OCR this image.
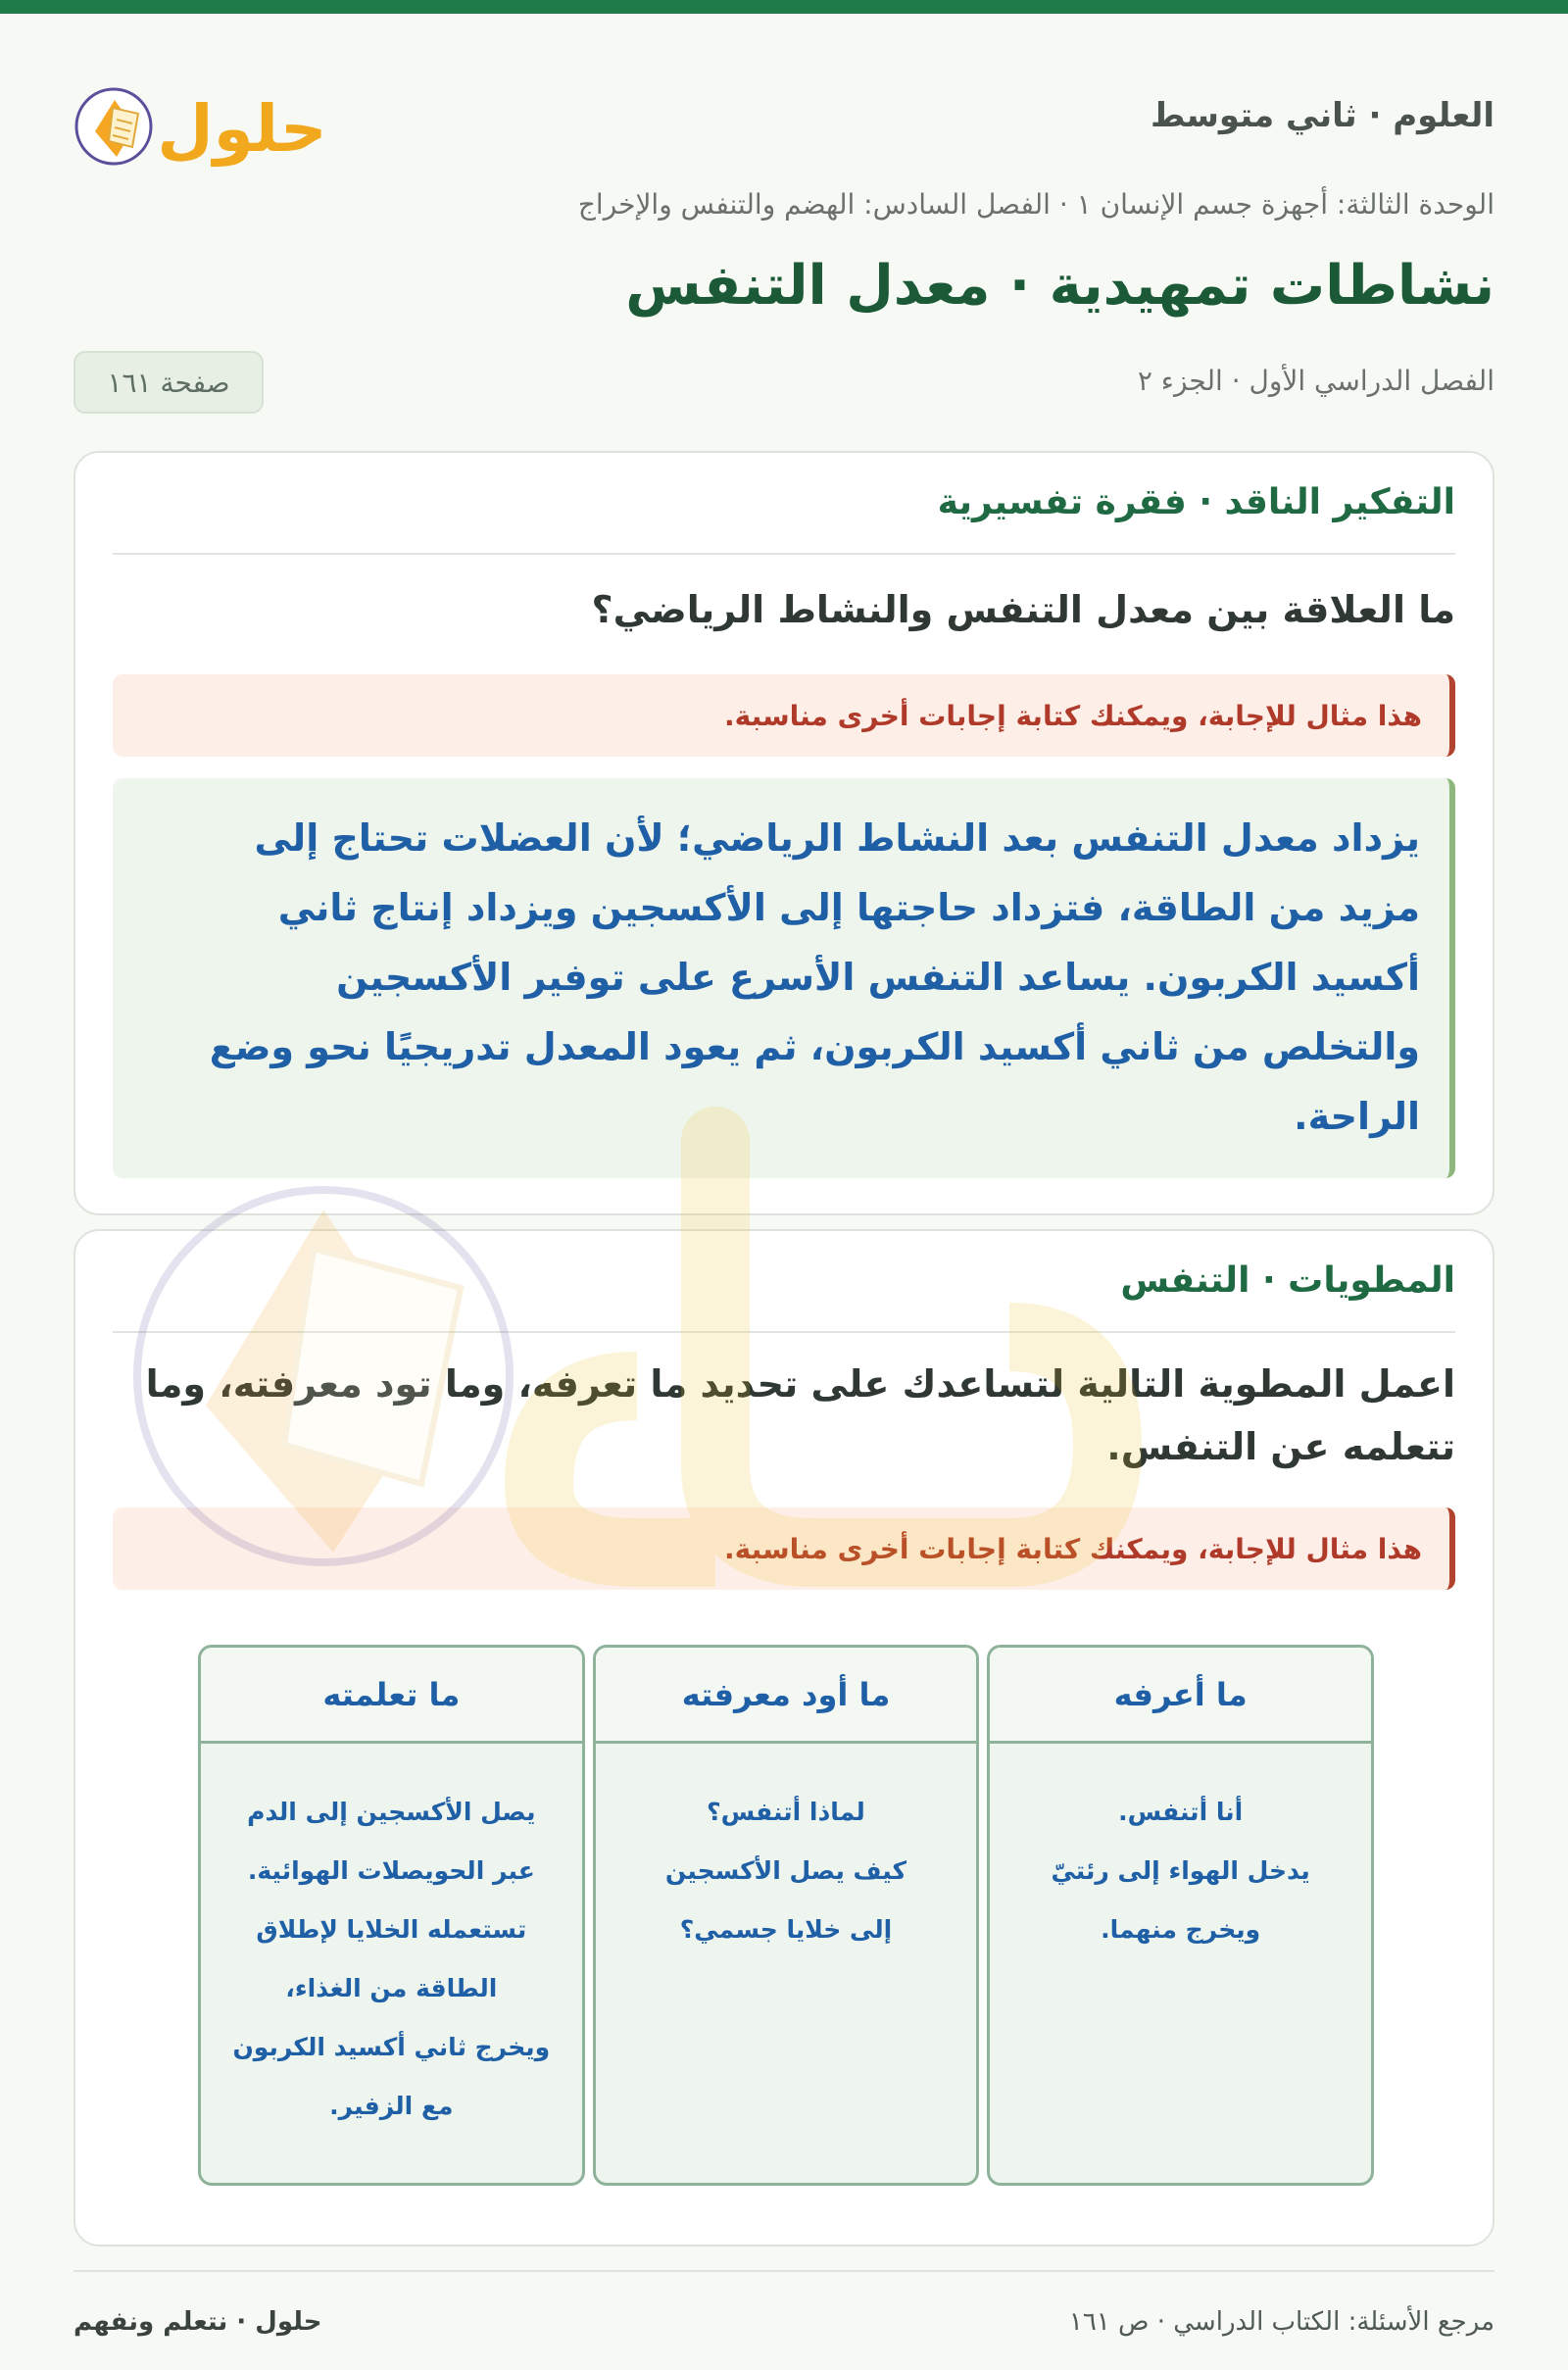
العلوم ⋅ ثاني متوسط
حلول
الوحدة الثالثة: أجهزة جسم الإنسان ١ ⋅ الفصل السادس: الهضم والتنفس والإخراج
نشاطات تمهيدية ⋅ معدل التنفس
الفصل الدراسي الأول ⋅ الجزء ٢
صفحة ١٦١
التفكير الناقد ⋅ فقرة تفسيرية
ما العلاقة بين معدل التنفس والنشاط الرياضي؟
هذا مثال للإجابة، ويمكنك كتابة إجابات أخرى مناسبة.
يزداد معدل التنفس بعد النشاط الرياضي؛ لأن العضلات تحتاج إلى
مزيد من الطاقة، فتزداد حاجتها إلى الأكسجين ويزداد إنتاج ثاني
أكسيد الكربون. يساعد التنفس الأسرع على توفير الأكسجين
والتخلص من ثاني أكسيد الكربون، ثم يعود المعدل تدريجيًا نحو وضع
الراحة.
المطويات ⋅ التنفس
اعمل المطوية التالية لتساعدك على تحديد ما تعرفه، وما تود معرفته، وما
تتعلمه عن التنفس.
هذا مثال للإجابة، ويمكنك كتابة إجابات أخرى مناسبة.
ما أعرفه
أنا أتنفس.
يدخل الهواء إلى رئتيّ
ويخرج منهما.
ما أود معرفته
لماذا أتنفس؟
كيف يصل الأكسجين
إلى خلايا جسمي؟
ما تعلمته
يصل الأكسجين إلى الدم
عبر الحويصلات الهوائية.
تستعمله الخلايا لإطلاق
الطاقة من الغذاء،
ويخرج ثاني أكسيد الكربون
مع الزفير.
مرجع الأسئلة: الكتاب الدراسي ⋅ ص ١٦١
حلول ⋅ نتعلم ونفهم
